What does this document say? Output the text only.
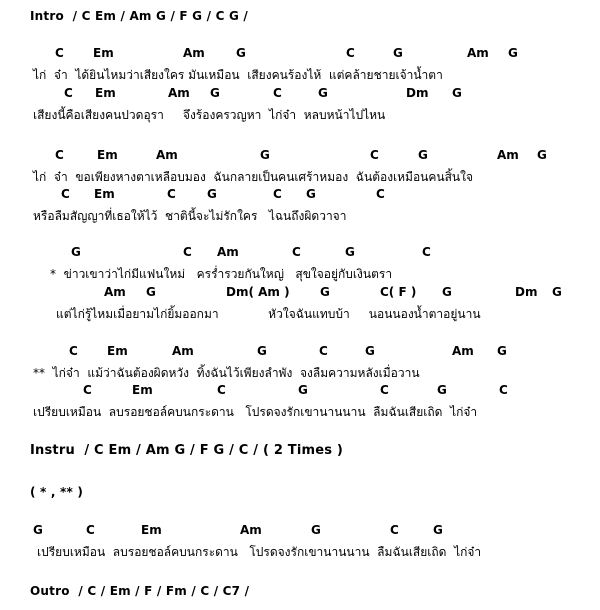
Intro  / C Em / Am G / F G / C G /
C Em	Am	G	C	G	Am G
ไก่  จ๋า  ได้ยินไหมว่าเสียงใคร มันเหมือน  เสียงคนร้องไห้  แต่คล้ายชายเจ้าน้ำตา
C Em	Am G	C	G	Dm G
เสียงนี้คือเสียงคนปวดอุรา     จึงร้องครวญหา  ไก่จ๋า  หลบหน้าไปไหน
C	Em	Am	G	C	G	Am G
ไก่  จ๋า  ขอเพียงหางตาเหลือบมอง  ฉันกลายเป็นคนเศร้าหมอง  ฉันต้องเหมือนคนสิ้นใจ
C Em	C	G	C G	C
หรือลืมสัญญาที่เธอให้ไว้  ชาตินี้จะไม่รักใคร   ไฉนถึงผิดวาจา
G	C Am	C	G	C
*  ข่าวเขาว่าไก่มีแฟนใหม่   ครร่ำรวยกันใหญ่   สุขใจอยู่กับเงินตรา
Am G	Dm( Am )	G	C( F ) G	Dm G
แต่ไก่รู้ไหมเมื่อยามไก่ยิ้มออกมา             หัวใจฉันแทบบ้า     นอนนองน้ำตาอยู่นาน
C Em	Am	G	C	G	Am G
**  ไก่จ๋า  แม้ว่าฉันต้องผิดหวัง  ทิ้งฉันไว้เพียงลำพัง  จงลืมความหลังเมื่อวาน
C	Em	C	G	C	G	C
เปรียบเหมือน  ลบรอยชอล์คบนกระดาน   โปรดจงรักเขานานนาน  ลืมฉันเสียเถิด  ไก่จ๋า
Instru  / C Em / Am G / F G / C / ( 2 Times )
( * , ** )
G	C	Em	Am	G	C	G
เปรียบเหมือน  ลบรอยชอล์คบนกระดาน   โปรดจงรักเขานานนาน  ลืมฉันเสียเถิด  ไก่จ๋า
Outro  / C / Em / F / Fm / C / C7 /
